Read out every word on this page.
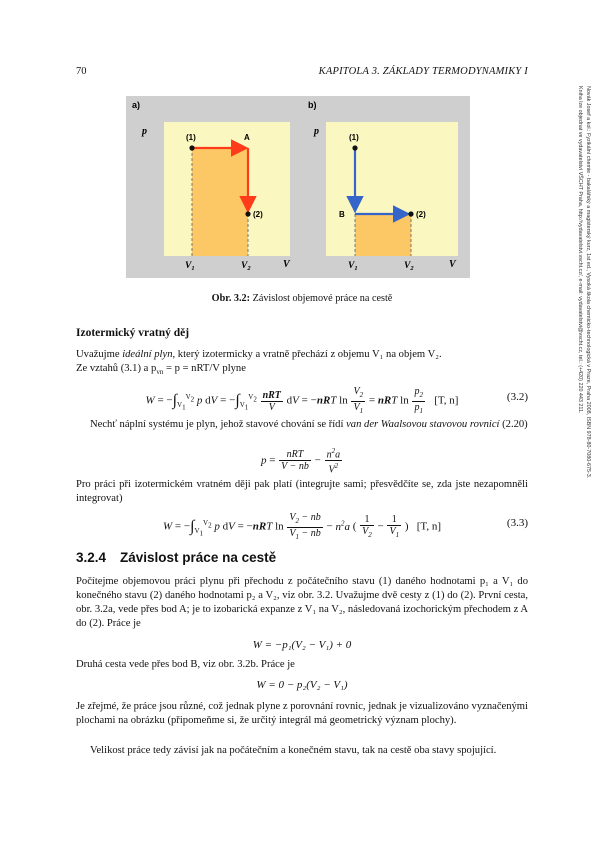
70	KAPITOLA 3. ZÁKLADY TERMODYNAMIKY I
Novák Josef a kol.: Fyzikální chemie - bakalářský a magisterský kurz, 1st ed., Vysoká škola chemicko-technologická v Praze, Praha 2008, ISBN 978-80-7080-675-3.
Kniha lze objednat ve vydavatelství VŠCHT Praha, http://vydavatelstvi.vscht.cz/, e-mail: vydavatelstvi@vscht.cz, tel.: (+420) 220 443 211.
a)
p
(1)	A
(2)
$V_1$	$V_2$	V
b)
p
(1)
B	(2)
$V_1$	$V_2$	V
Obr. 3.2: Závislost objemové práce na cestě
Izotermický vratný děj
Uvažujme ideální plyn, který izotermicky a vratně přechází z objemu V₁ na objem V₂.
Ze vztahů (3.1) a $p_{vn} = p = nRT/V$ plyne
$W = -\int_{V_1}^{V_2}$ p dV = $-\int_{V_1}^{V_2} \frac{\text{nRT}}{V}$ dV = −nRT $\ln \frac{V_2}{V_1}$ = nRT $\ln \frac{p_2}{p_1} [T$, n]	(3.2)
Nechť náplní systému je plyn, jehož stavové chování se řídí van der Waalsovou stavovou rovnicí (2.20)
$p = \frac{\text{nRT}}{V - nb} - \frac{n^2a}{V^2}$
Pro práci při izotermickém vratném ději pak platí (integrujte sami; přesvědčíte se, zda jste nezapomněli integrovat)
$W = -\int_{V_1}^{V_2}$ p dV = −nRT $\ln \frac{V_2 - nb}{V_1 - nb} - n^2a$ ( $\frac{1}{V_2} - \frac{1}{V_1}$ )   [T, n]	(3.3)
3.2.4 Závislost práce na cestě
Počítejme objemovou práci plynu při přechodu z počátečního stavu (1) daného hodnotami p₁ a V₁ do konečného stavu (2) daného hodnotami p₂ a V₂, viz obr. 3.2. Uvažujme dvě cesty z (1) do (2). První cesta, obr. 3.2a, vede přes bod A; je to izobarická expanze z V₁ na V₂, následovaná izochorickým přechodem z A do (2). Práce je
W = −p₁(V₂ − V₁) + 0
Druhá cesta vede přes bod B, viz obr. 3.2b. Práce je
W = 0 − p₂(V₂ − V₁)
Je zřejmé, že práce jsou různé, což jednak plyne z porovnání rovnic, jednak je vizualizováno vyznačenými plochami na obrázku (připomeňme si, že určitý integrál má geometrický význam plochy).
Velikost práce tedy závisí jak na počátečním a konečném stavu, tak na cestě oba stavy spojující.
